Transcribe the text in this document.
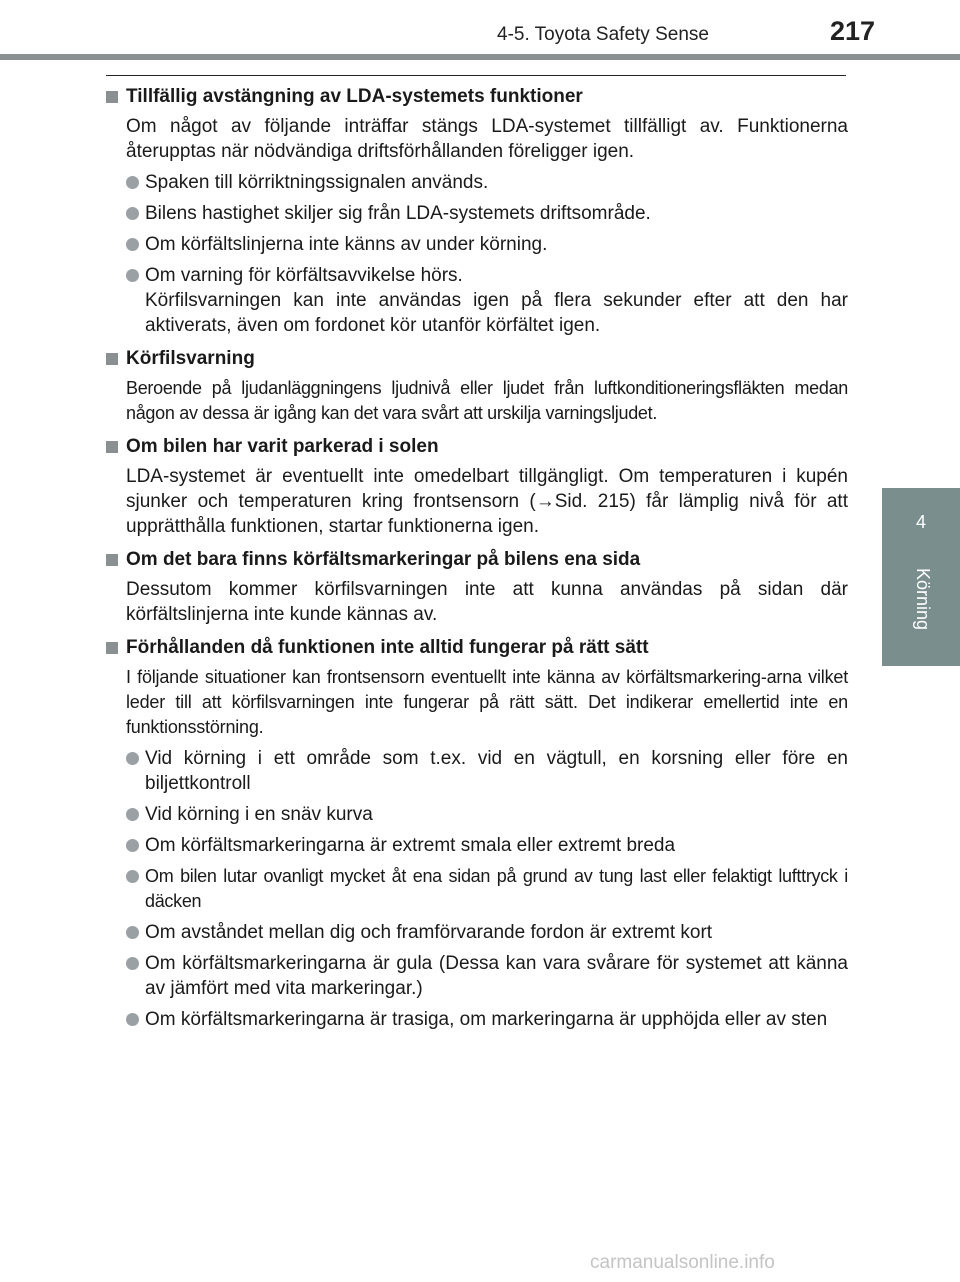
4-5. Toyota Safety Sense	217
4
Körning
Tillfällig avstängning av LDA-systemets funktioner
Om något av följande inträffar stängs LDA-systemet tillfälligt av. Funktionerna återupptas när nödvändiga driftsförhållanden föreligger igen.
Spaken till körriktningssignalen används.
Bilens hastighet skiljer sig från LDA-systemets driftsområde.
Om körfältslinjerna inte känns av under körning.
Om varning för körfältsavvikelse hörs.
Körfilsvarningen kan inte användas igen på flera sekunder efter att den har aktiverats, även om fordonet kör utanför körfältet igen.
Körfilsvarning
Beroende på ljudanläggningens ljudnivå eller ljudet från luftkonditioneringsfläkten medan någon av dessa är igång kan det vara svårt att urskilja varningsljudet.
Om bilen har varit parkerad i solen
LDA-systemet är eventuellt inte omedelbart tillgängligt. Om temperaturen i kupén sjunker och temperaturen kring frontsensorn (→Sid. 215) får lämplig nivå för att upprätthålla funktionen, startar funktionerna igen.
Om det bara finns körfältsmarkeringar på bilens ena sida
Dessutom kommer körfilsvarningen inte att kunna användas på sidan där körfältslinjerna inte kunde kännas av.
Förhållanden då funktionen inte alltid fungerar på rätt sätt
I följande situationer kan frontsensorn eventuellt inte känna av körfältsmarkering-arna vilket leder till att körfilsvarningen inte fungerar på rätt sätt. Det indikerar emellertid inte en funktionsstörning.
Vid körning i ett område som t.ex. vid en vägtull, en korsning eller före en biljettkontroll
Vid körning i en snäv kurva
Om körfältsmarkeringarna är extremt smala eller extremt breda
Om bilen lutar ovanligt mycket åt ena sidan på grund av tung last eller felaktigt lufttryck i däcken
Om avståndet mellan dig och framförvarande fordon är extremt kort
Om körfältsmarkeringarna är gula (Dessa kan vara svårare för systemet att känna av jämfört med vita markeringar.)
Om körfältsmarkeringarna är trasiga, om markeringarna är upphöjda eller av sten
carmanualsonline.info
